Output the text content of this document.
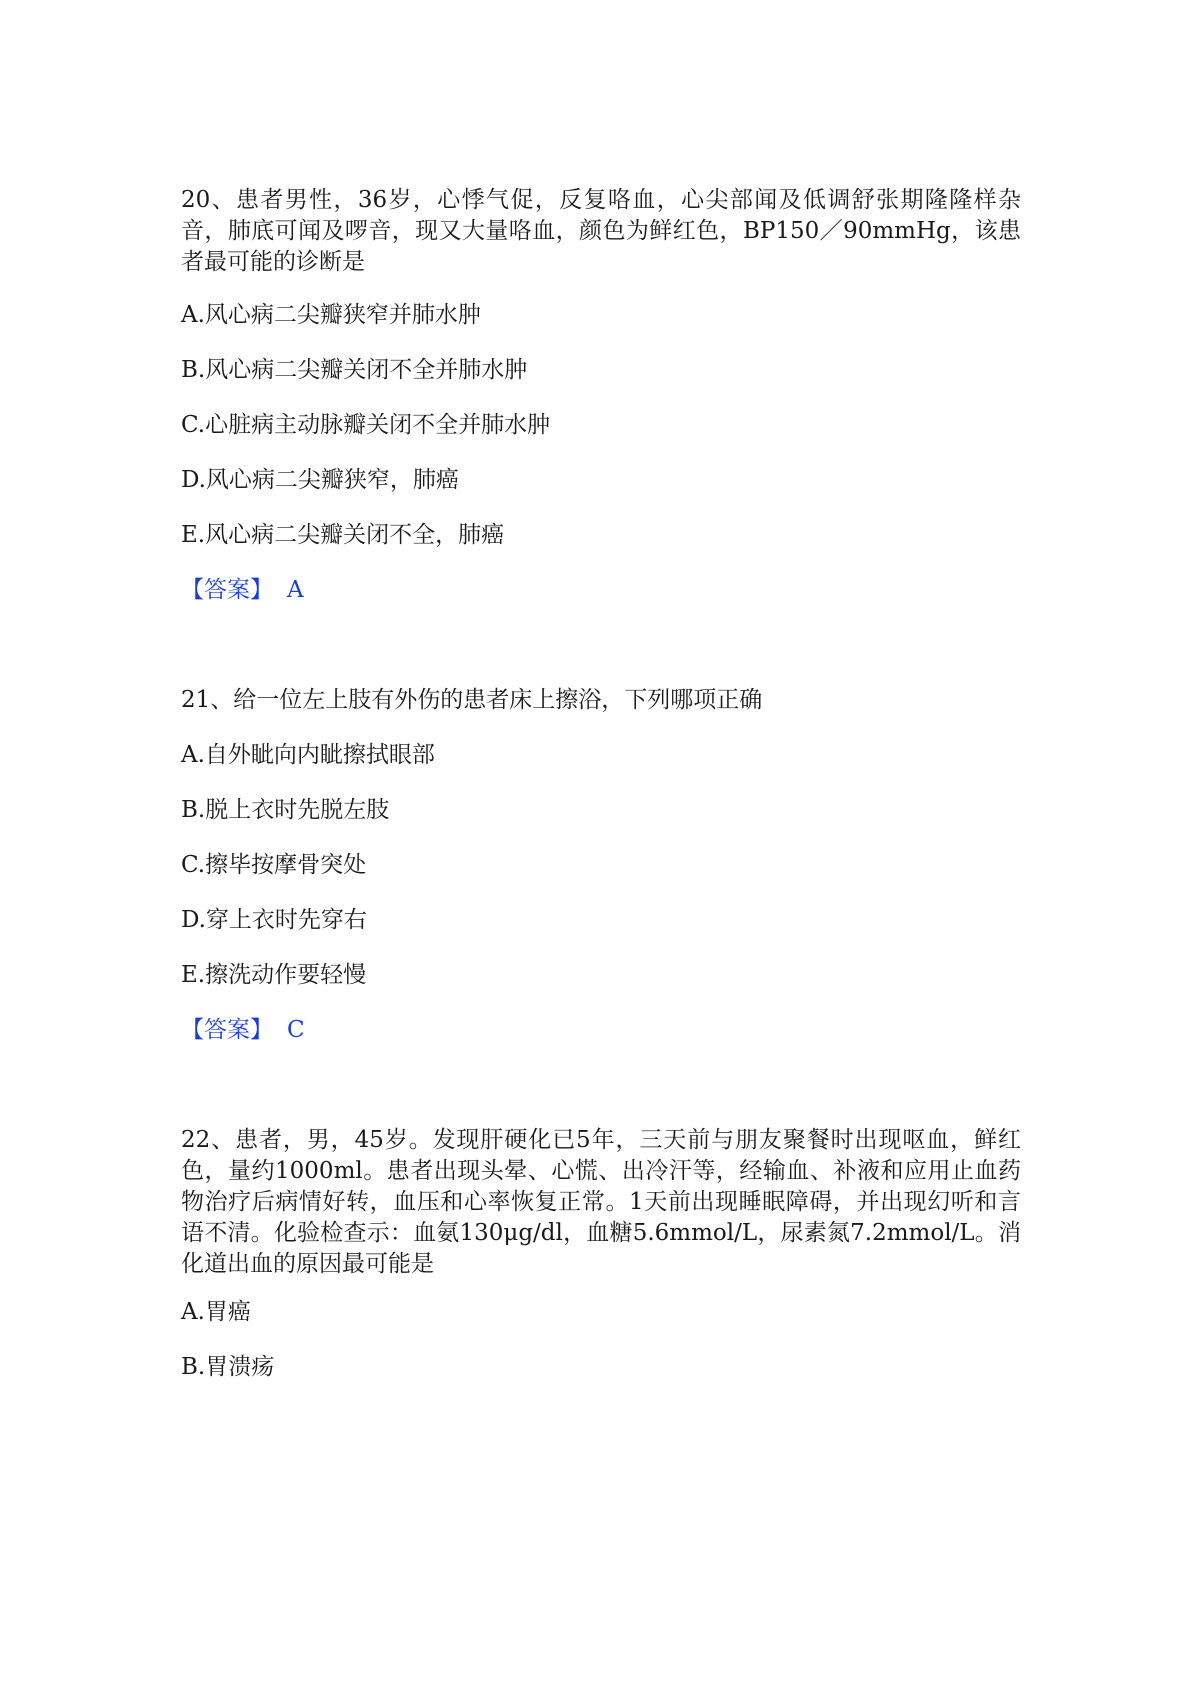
20、患者男性，36岁，心悸气促，反复咯血，心尖部闻及低调舒张期隆隆样杂音，肺底可闻及啰音，现又大量咯血，颜色为鲜红色，BP150／90mmHg，该患者最可能的诊断是

A.风心病二尖瓣狭窄并肺水肿

B.风心病二尖瓣关闭不全并肺水肿

C.心脏病主动脉瓣关闭不全并肺水肿

D.风心病二尖瓣狭窄，肺癌

E.风心病二尖瓣关闭不全，肺癌

【答案】 A

21、给一位左上肢有外伤的患者床上擦浴，下列哪项正确

A.自外眦向内眦擦拭眼部

B.脱上衣时先脱左肢

C.擦毕按摩骨突处

D.穿上衣时先穿右

E.擦洗动作要轻慢

【答案】 C

22、患者，男，45岁。发现肝硬化已5年，三天前与朋友聚餐时出现呕血，鲜红色，量约1000ml。患者出现头晕、心慌、出冷汗等，经输血、补液和应用止血药物治疗后病情好转，血压和心率恢复正常。1天前出现睡眠障碍，并出现幻听和言语不清。化验检查示：血氨130μg/dl，血糖5.6mmol/L，尿素氮7.2mmol/L。消化道出血的原因最可能是

A.胃癌

B.胃溃疡
